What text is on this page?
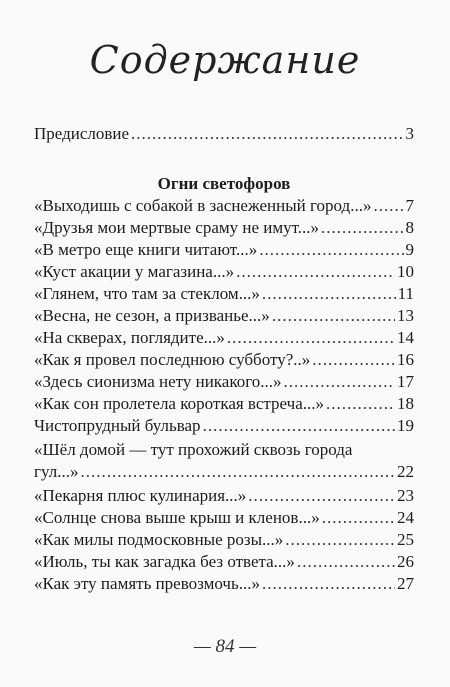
Содержание
Предисловие .....	3
Огни светофоров
«Выходишь с собакой в заснеженный город...» ..... 7
«Друзья мои мертвые сраму не имут...» .....	8
«В метро еще книги читают...» .....	9
«Куст акации у магазина...» .....	10
«Глянем, что там за стеклом...» .....	11
«Весна, не сезон, а призванье...» .....	13
«На скверах, поглядите...» .....	14
«Как я провел последнюю субботу?..» .....	16
«Здесь сионизма нету никакого...» .....	17
«Как сон пролетела короткая встреча...» .....	18
Чистопрудный бульвар .....	19
«Шёл домой — тут прохожий сквозь города
гул...» .....	22
«Пекарня плюс кулинария...» .....	23
«Солнце снова выше крыш и кленов...» .....	24
«Как милы подмосковные розы...» .....	25
«Июль, ты как загадка без ответа...» .....	26
«Как эту память превозмочь...» .....	27
— 84 —
